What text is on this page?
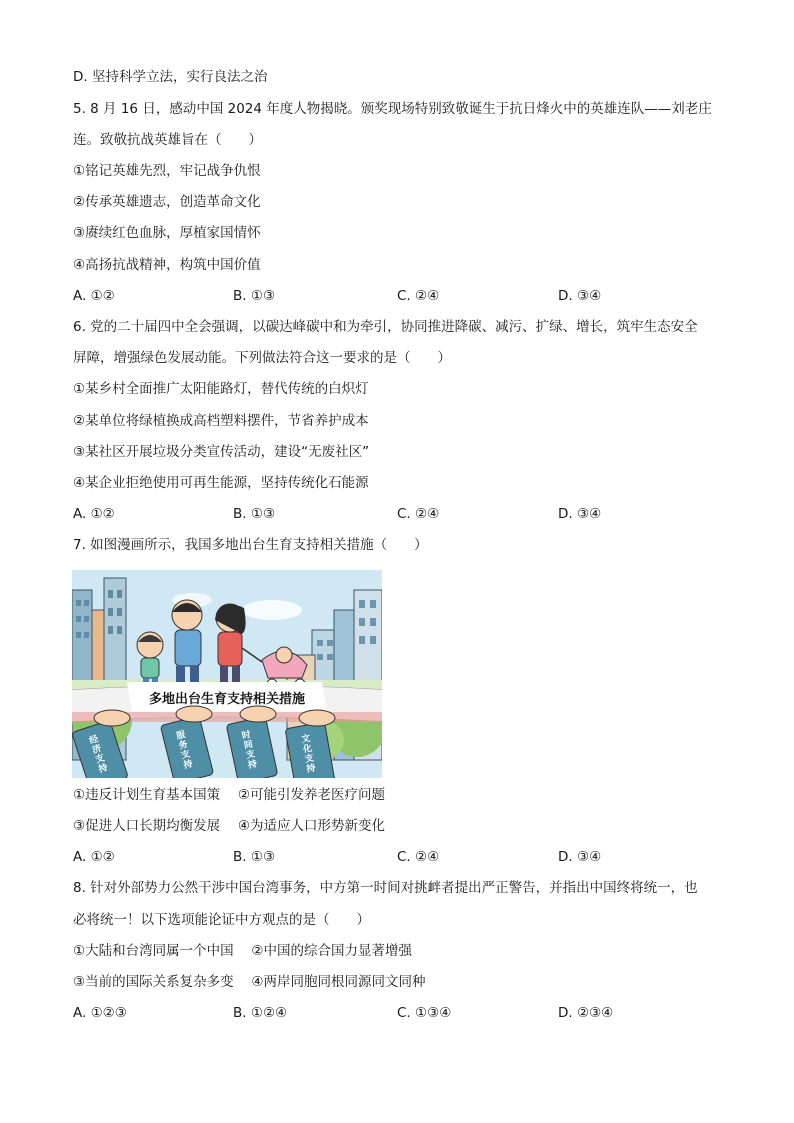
D. 坚持科学立法，实行良法之治
5. 8 月 16 日，感动中国 2024 年度人物揭晓。颁奖现场特别致敬诞生于抗日烽火中的英雄连队——刘老庄
连。致敬抗战英雄旨在（　　）
①铭记英雄先烈，牢记战争仇恨
②传承英雄遗志，创造革命文化
③赓续红色血脉，厚植家国情怀
④高扬抗战精神，构筑中国价值
A. ①②	B. ①③	C. ②④	D. ③④
6. 党的二十届四中全会强调，以碳达峰碳中和为牵引，协同推进降碳、减污、扩绿、增长，筑牢生态安全
屏障，增强绿色发展动能。下列做法符合这一要求的是（　　）
①某乡村全面推广太阳能路灯，替代传统的白炽灯
②某单位将绿植换成高档塑料摆件，节省养护成本
③某社区开展垃圾分类宣传活动，建设“无废社区”
④某企业拒绝使用可再生能源，坚持传统化石能源
A. ①②	B. ①③	C. ②④	D. ③④
7. 如图漫画所示，我国多地出台生育支持相关措施（　　）
多地出台生育支持相关措施
经济支持
服务支持
时间支持
文化支持
①违反计划生育基本国策　 ②可能引发养老医疗问题
③促进人口长期均衡发展　 ④为适应人口形势新变化
A. ①②	B. ①③	C. ②④	D. ③④
8. 针对外部势力公然干涉中国台湾事务，中方第一时间对挑衅者提出严正警告，并指出中国终将统一，也
必将统一！以下选项能论证中方观点的是（　　）
①大陆和台湾同属一个中国　 ②中国的综合国力显著增强
③当前的国际关系复杂多变　 ④两岸同胞同根同源同文同种
A. ①②③	B. ①②④	C. ①③④	D. ②③④
